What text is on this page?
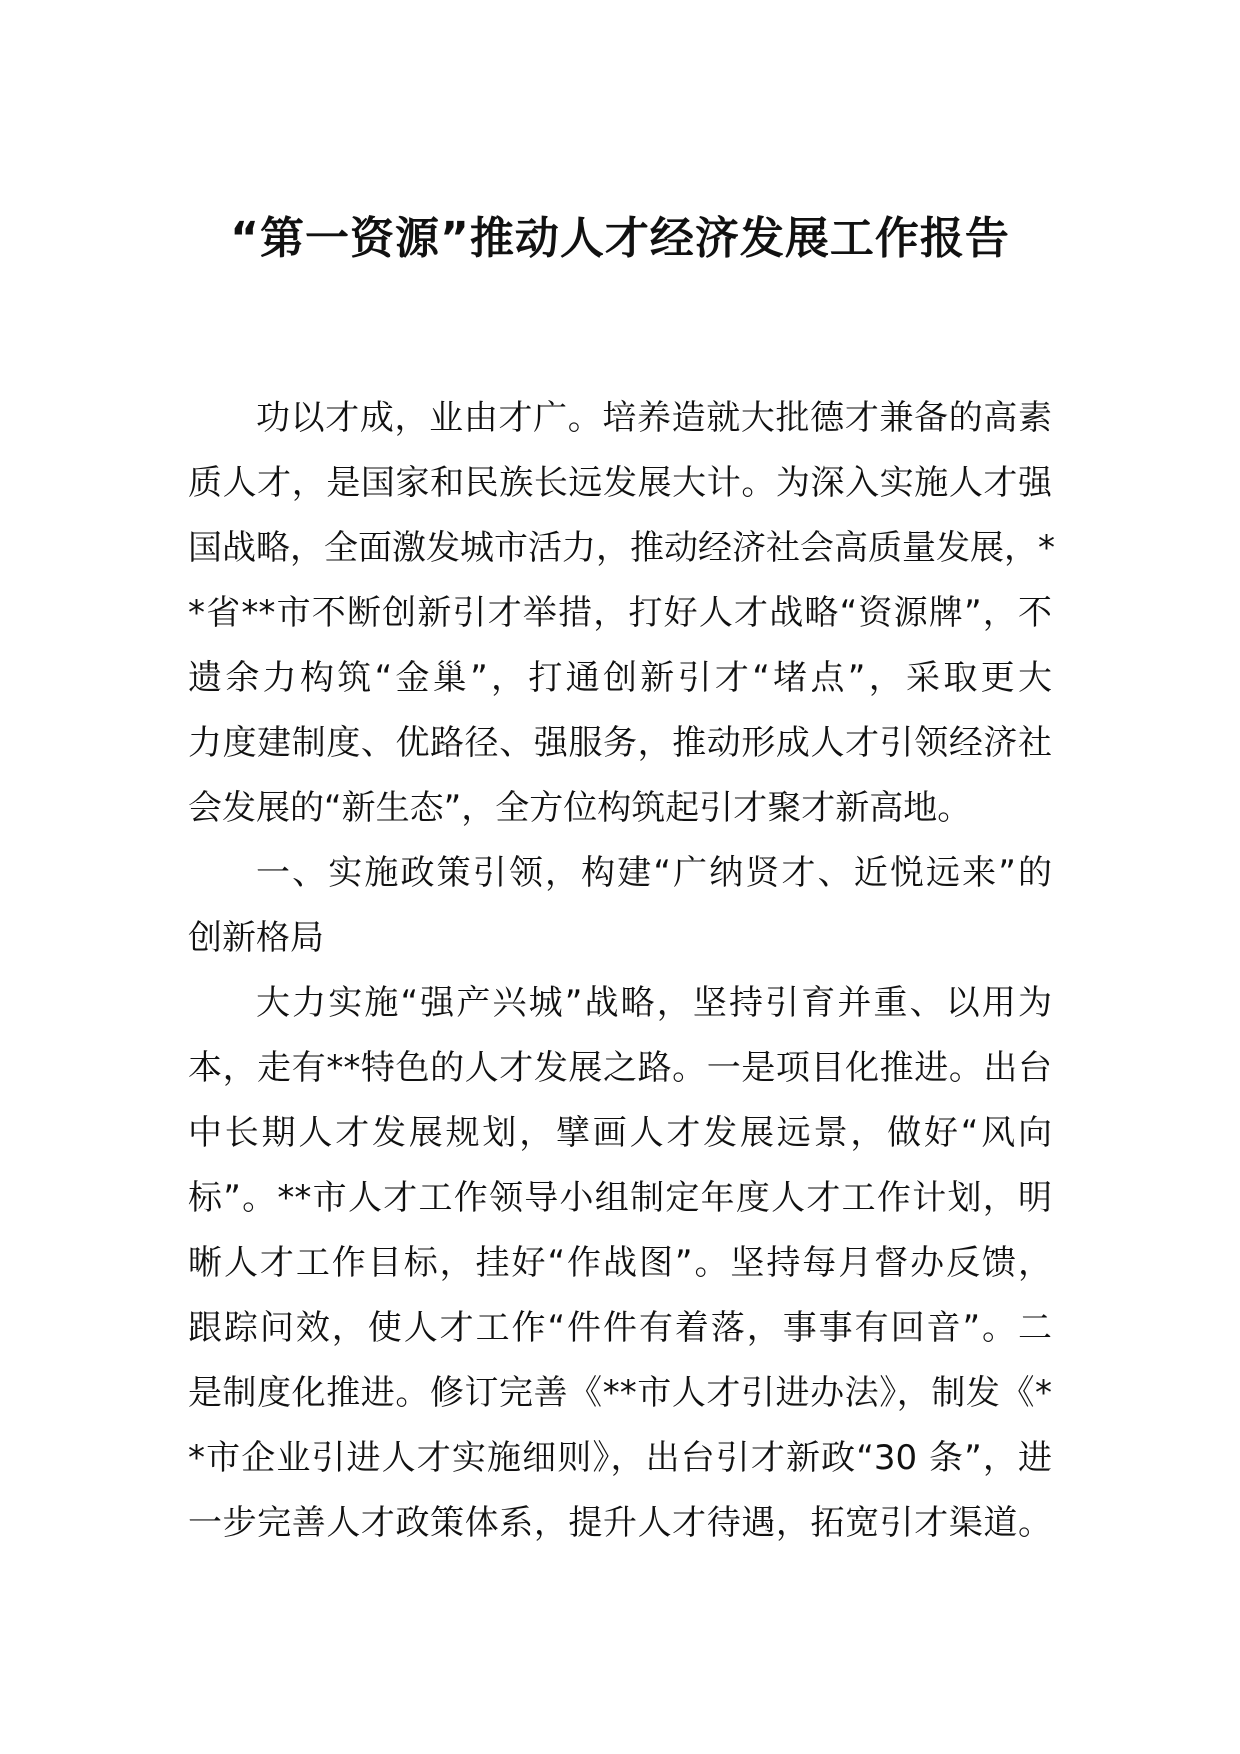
“第一资源”推动人才经济发展工作报告
功以才成，业由才广。培养造就大批德才兼备的高素
质人才，是国家和民族长远发展大计。为深入实施人才强
国战略，全面激发城市活力，推动经济社会高质量发展，*
*省**市不断创新引才举措，打好人才战略“资源牌”，不
遗余力构筑“金巢”，打通创新引才“堵点”，采取更大
力度建制度、优路径、强服务，推动形成人才引领经济社
会发展的“新生态”，全方位构筑起引才聚才新高地。
一、实施政策引领，构建“广纳贤才、近悦远来”的
创新格局
大力实施“强产兴城”战略，坚持引育并重、以用为
本，走有**特色的人才发展之路。一是项目化推进。出台
中长期人才发展规划，擘画人才发展远景，做好“风向
标”。**市人才工作领导小组制定年度人才工作计划，明
晰人才工作目标，挂好“作战图”。坚持每月督办反馈，
跟踪问效，使人才工作“件件有着落，事事有回音”。二
是制度化推进。修订完善《**市人才引进办法》，制发《*
*市企业引进人才实施细则》，出台引才新政“30 条”，进
一步完善人才政策体系，提升人才待遇，拓宽引才渠道。
